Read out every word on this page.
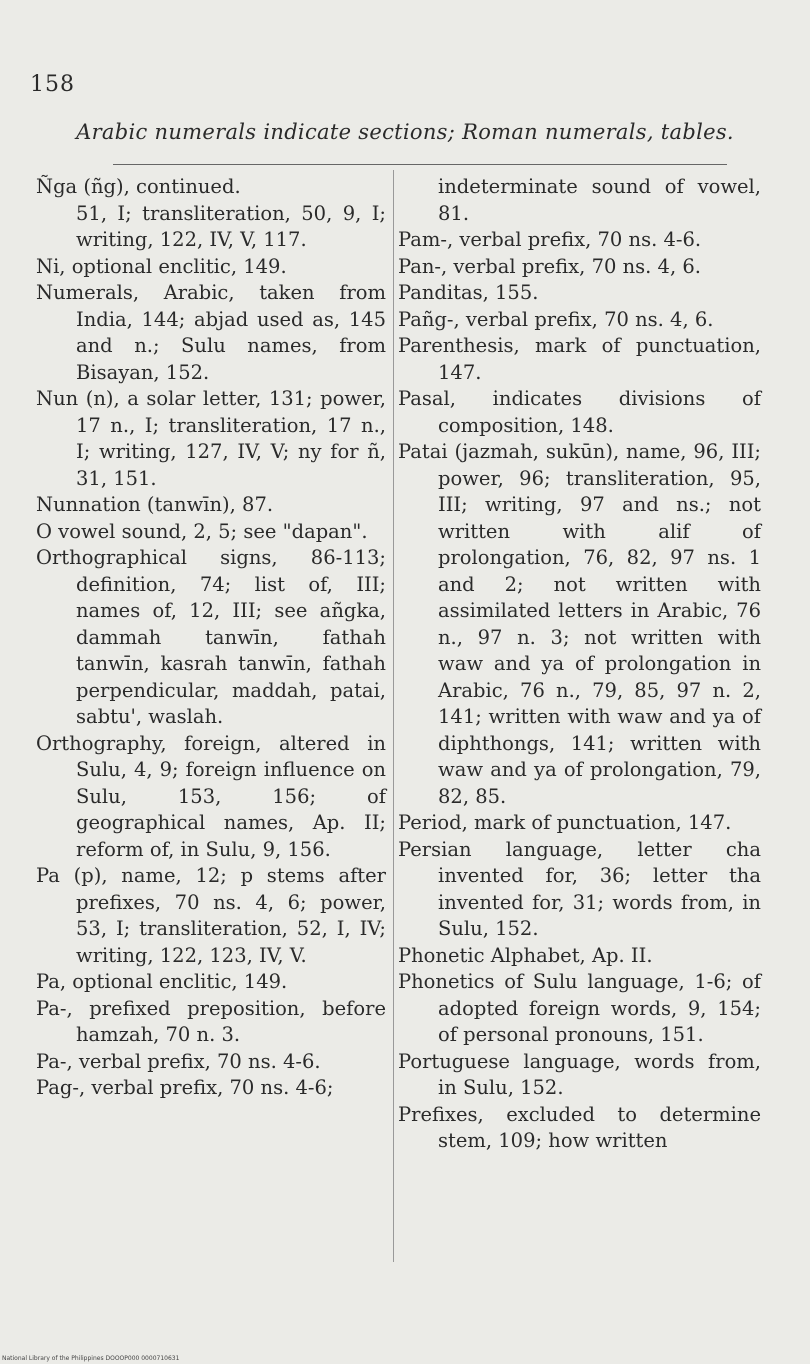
158
Arabic numerals indicate sections; Roman numerals, tables.

Ñga (ñg), continued.

51, I; transliteration, 50, 9, I; writing, 122, IV, V, 117.

Ni, optional enclitic, 149.

Numerals, Arabic, taken from India, 144; abjad used as, 145 and n.; Sulu names, from Bisayan, 152.

Nun (n), a solar letter, 131; power, 17 n., I; transliteration, 17 n., I; writing, 127, IV, V; ny for ñ, 31, 151.

Nunnation (tanwīn), 87.

O vowel sound, 2, 5; see "dapan".

Orthographical signs, 86-113; definition, 74; list of, III; names of, 12, III; see añgka, dammah tanwīn, fathah tanwīn, kasrah tanwīn, fathah perpendicular, maddah, patai, sabtu', waslah.

Orthography, foreign, altered in Sulu, 4, 9; foreign influence on Sulu, 153, 156; of geographical names, Ap. II; reform of, in Sulu, 9, 156.

Pa (p), name, 12; p stems after prefixes, 70 ns. 4, 6; power, 53, I; transliteration, 52, I, IV; writing, 122, 123, IV, V.

Pa, optional enclitic, 149.

Pa-, prefixed preposition, before hamzah, 70 n. 3.

Pa-, verbal prefix, 70 ns. 4-6.

Pag-, verbal prefix, 70 ns. 4-6;

indeterminate sound of vowel, 81.

Pam-, verbal prefix, 70 ns. 4-6.

Pan-, verbal prefix, 70 ns. 4, 6.

Panditas, 155.

Pañg-, verbal prefix, 70 ns. 4, 6.

Parenthesis, mark of punctuation, 147.

Pasal, indicates divisions of composition, 148.

Patai (jazmah, sukūn), name, 96, III; power, 96; transliteration, 95, III; writing, 97 and ns.; not written with alif of prolongation, 76, 82, 97 ns. 1 and 2; not written with assimilated letters in Arabic, 76 n., 97 n. 3; not written with waw and ya of prolongation in Arabic, 76 n., 79, 85, 97 n. 2, 141; written with waw and ya of diphthongs, 141; written with waw and ya of prolongation, 79, 82, 85.

Period, mark of punctuation, 147.

Persian language, letter cha invented for, 36; letter tha invented for, 31; words from, in Sulu, 152.

Phonetic Alphabet, Ap. II.

Phonetics of Sulu language, 1-6; of adopted foreign words, 9, 154; of personal pronouns, 151.

Portuguese language, words from, in Sulu, 152.

Prefixes, excluded to determine stem, 109; how written

National Library of the Philippines DOOOP000 0000710631
